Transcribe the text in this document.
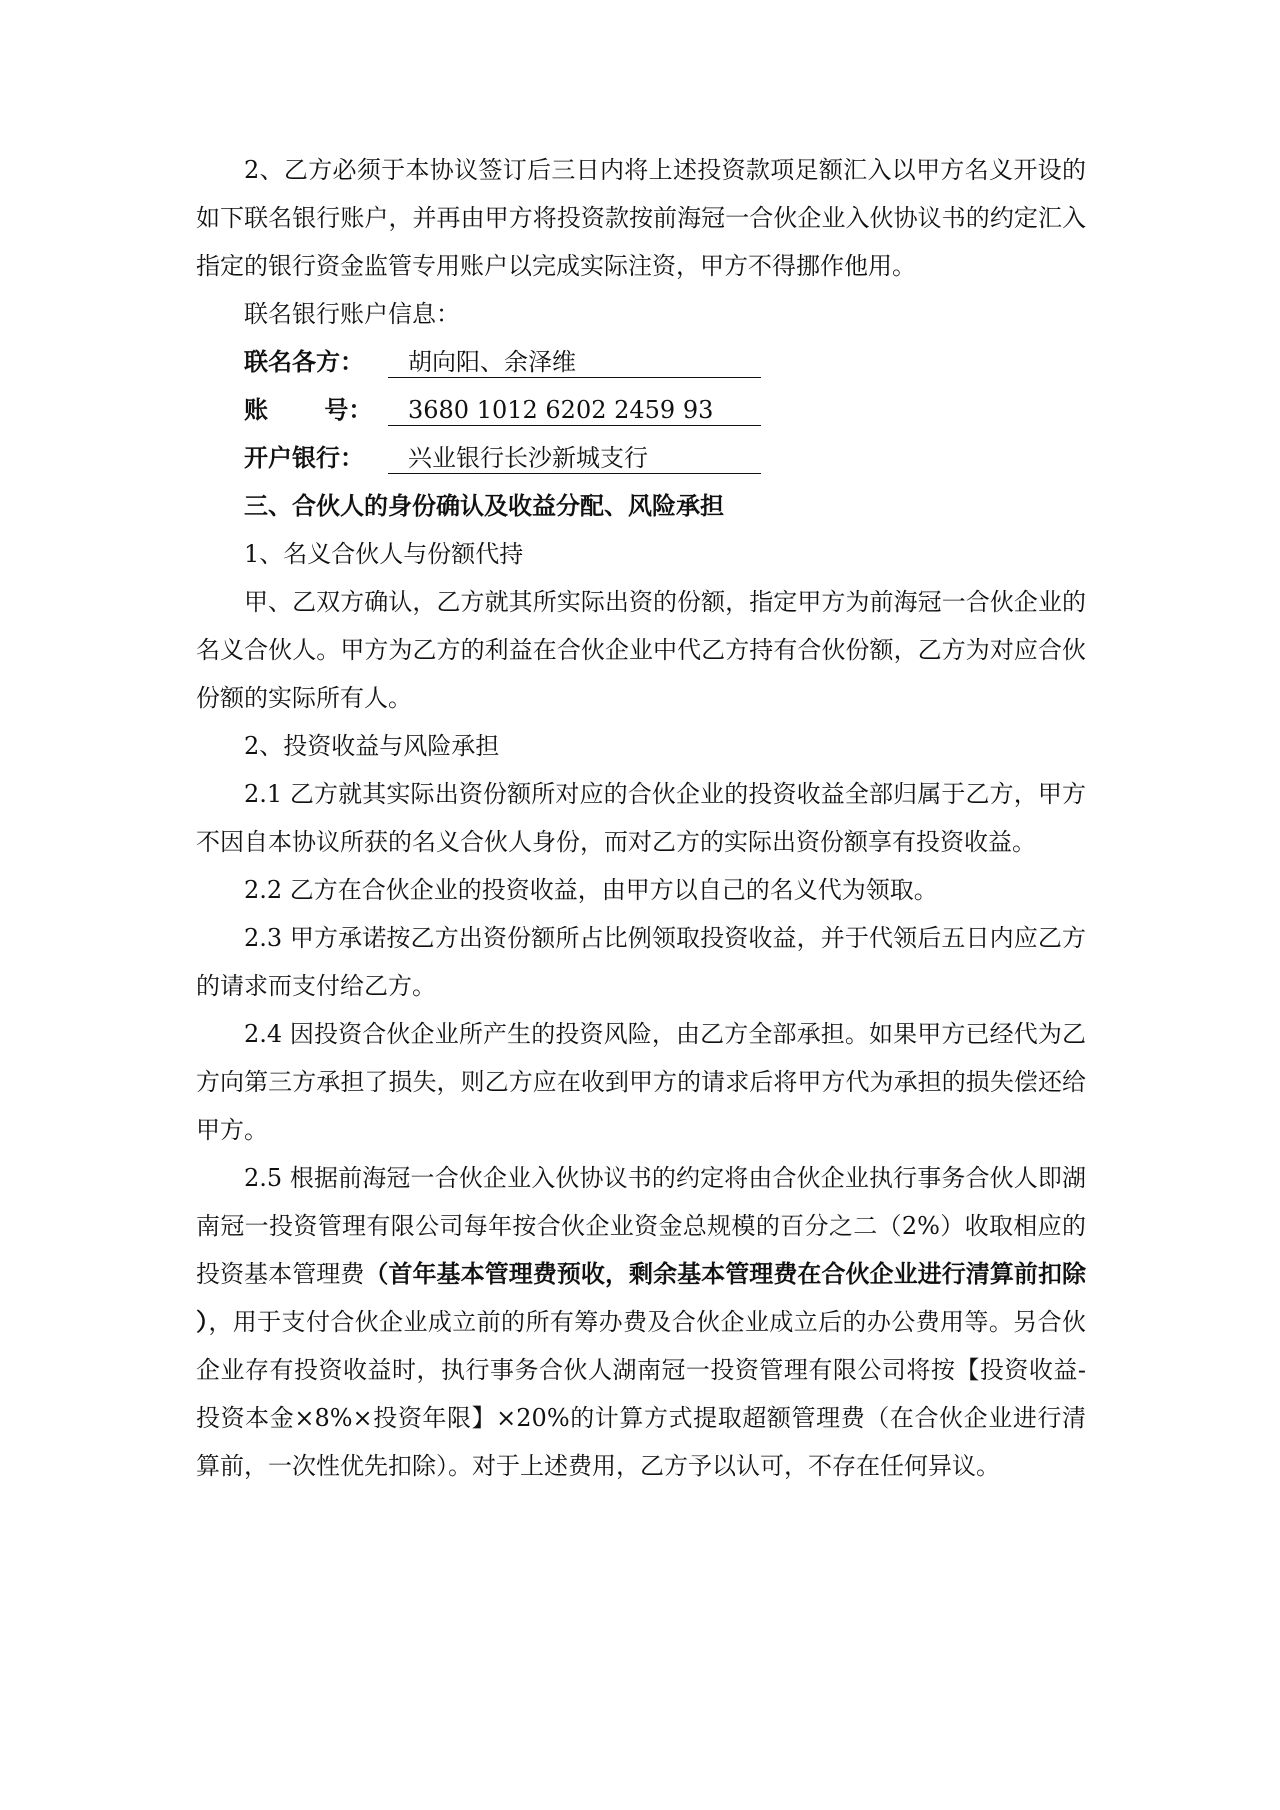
2、乙方必须于本协议签订后三日内将上述投资款项足额汇入以甲方名义开设的如下联名银行账户，并再由甲方将投资款按前海冠一合伙企业入伙协议书的约定汇入指定的银行资金监管专用账户以完成实际注资，甲方不得挪作他用。

联名银行账户信息：

联名各方：	胡向阳、余泽维
账　　 号：	3680 1012 6202 2459 93
开户银行：	兴业银行长沙新城支行

三、合伙人的身份确认及收益分配、风险承担

1、名义合伙人与份额代持

甲、乙双方确认，乙方就其所实际出资的份额，指定甲方为前海冠一合伙企业的名义合伙人。甲方为乙方的利益在合伙企业中代乙方持有合伙份额，乙方为对应合伙份额的实际所有人。

2、投资收益与风险承担

2.1 乙方就其实际出资份额所对应的合伙企业的投资收益全部归属于乙方，甲方不因自本协议所获的名义合伙人身份，而对乙方的实际出资份额享有投资收益。

2.2 乙方在合伙企业的投资收益，由甲方以自己的名义代为领取。

2.3 甲方承诺按乙方出资份额所占比例领取投资收益，并于代领后五日内应乙方的请求而支付给乙方。

2.4 因投资合伙企业所产生的投资风险，由乙方全部承担。如果甲方已经代为乙方向第三方承担了损失，则乙方应在收到甲方的请求后将甲方代为承担的损失偿还给甲方。

2.5 根据前海冠一合伙企业入伙协议书的约定将由合伙企业执行事务合伙人即湖南冠一投资管理有限公司每年按合伙企业资金总规模的百分之二（2%）收取相应的投资基本管理费（首年基本管理费预收，剩余基本管理费在合伙企业进行清算前扣除），用于支付合伙企业成立前的所有筹办费及合伙企业成立后的办公费用等。另合伙企业存有投资收益时，执行事务合伙人湖南冠一投资管理有限公司将按【投资收益-投资本金×8%×投资年限】×20%的计算方式提取超额管理费（在合伙企业进行清算前，一次性优先扣除）。对于上述费用，乙方予以认可，不存在任何异议。
